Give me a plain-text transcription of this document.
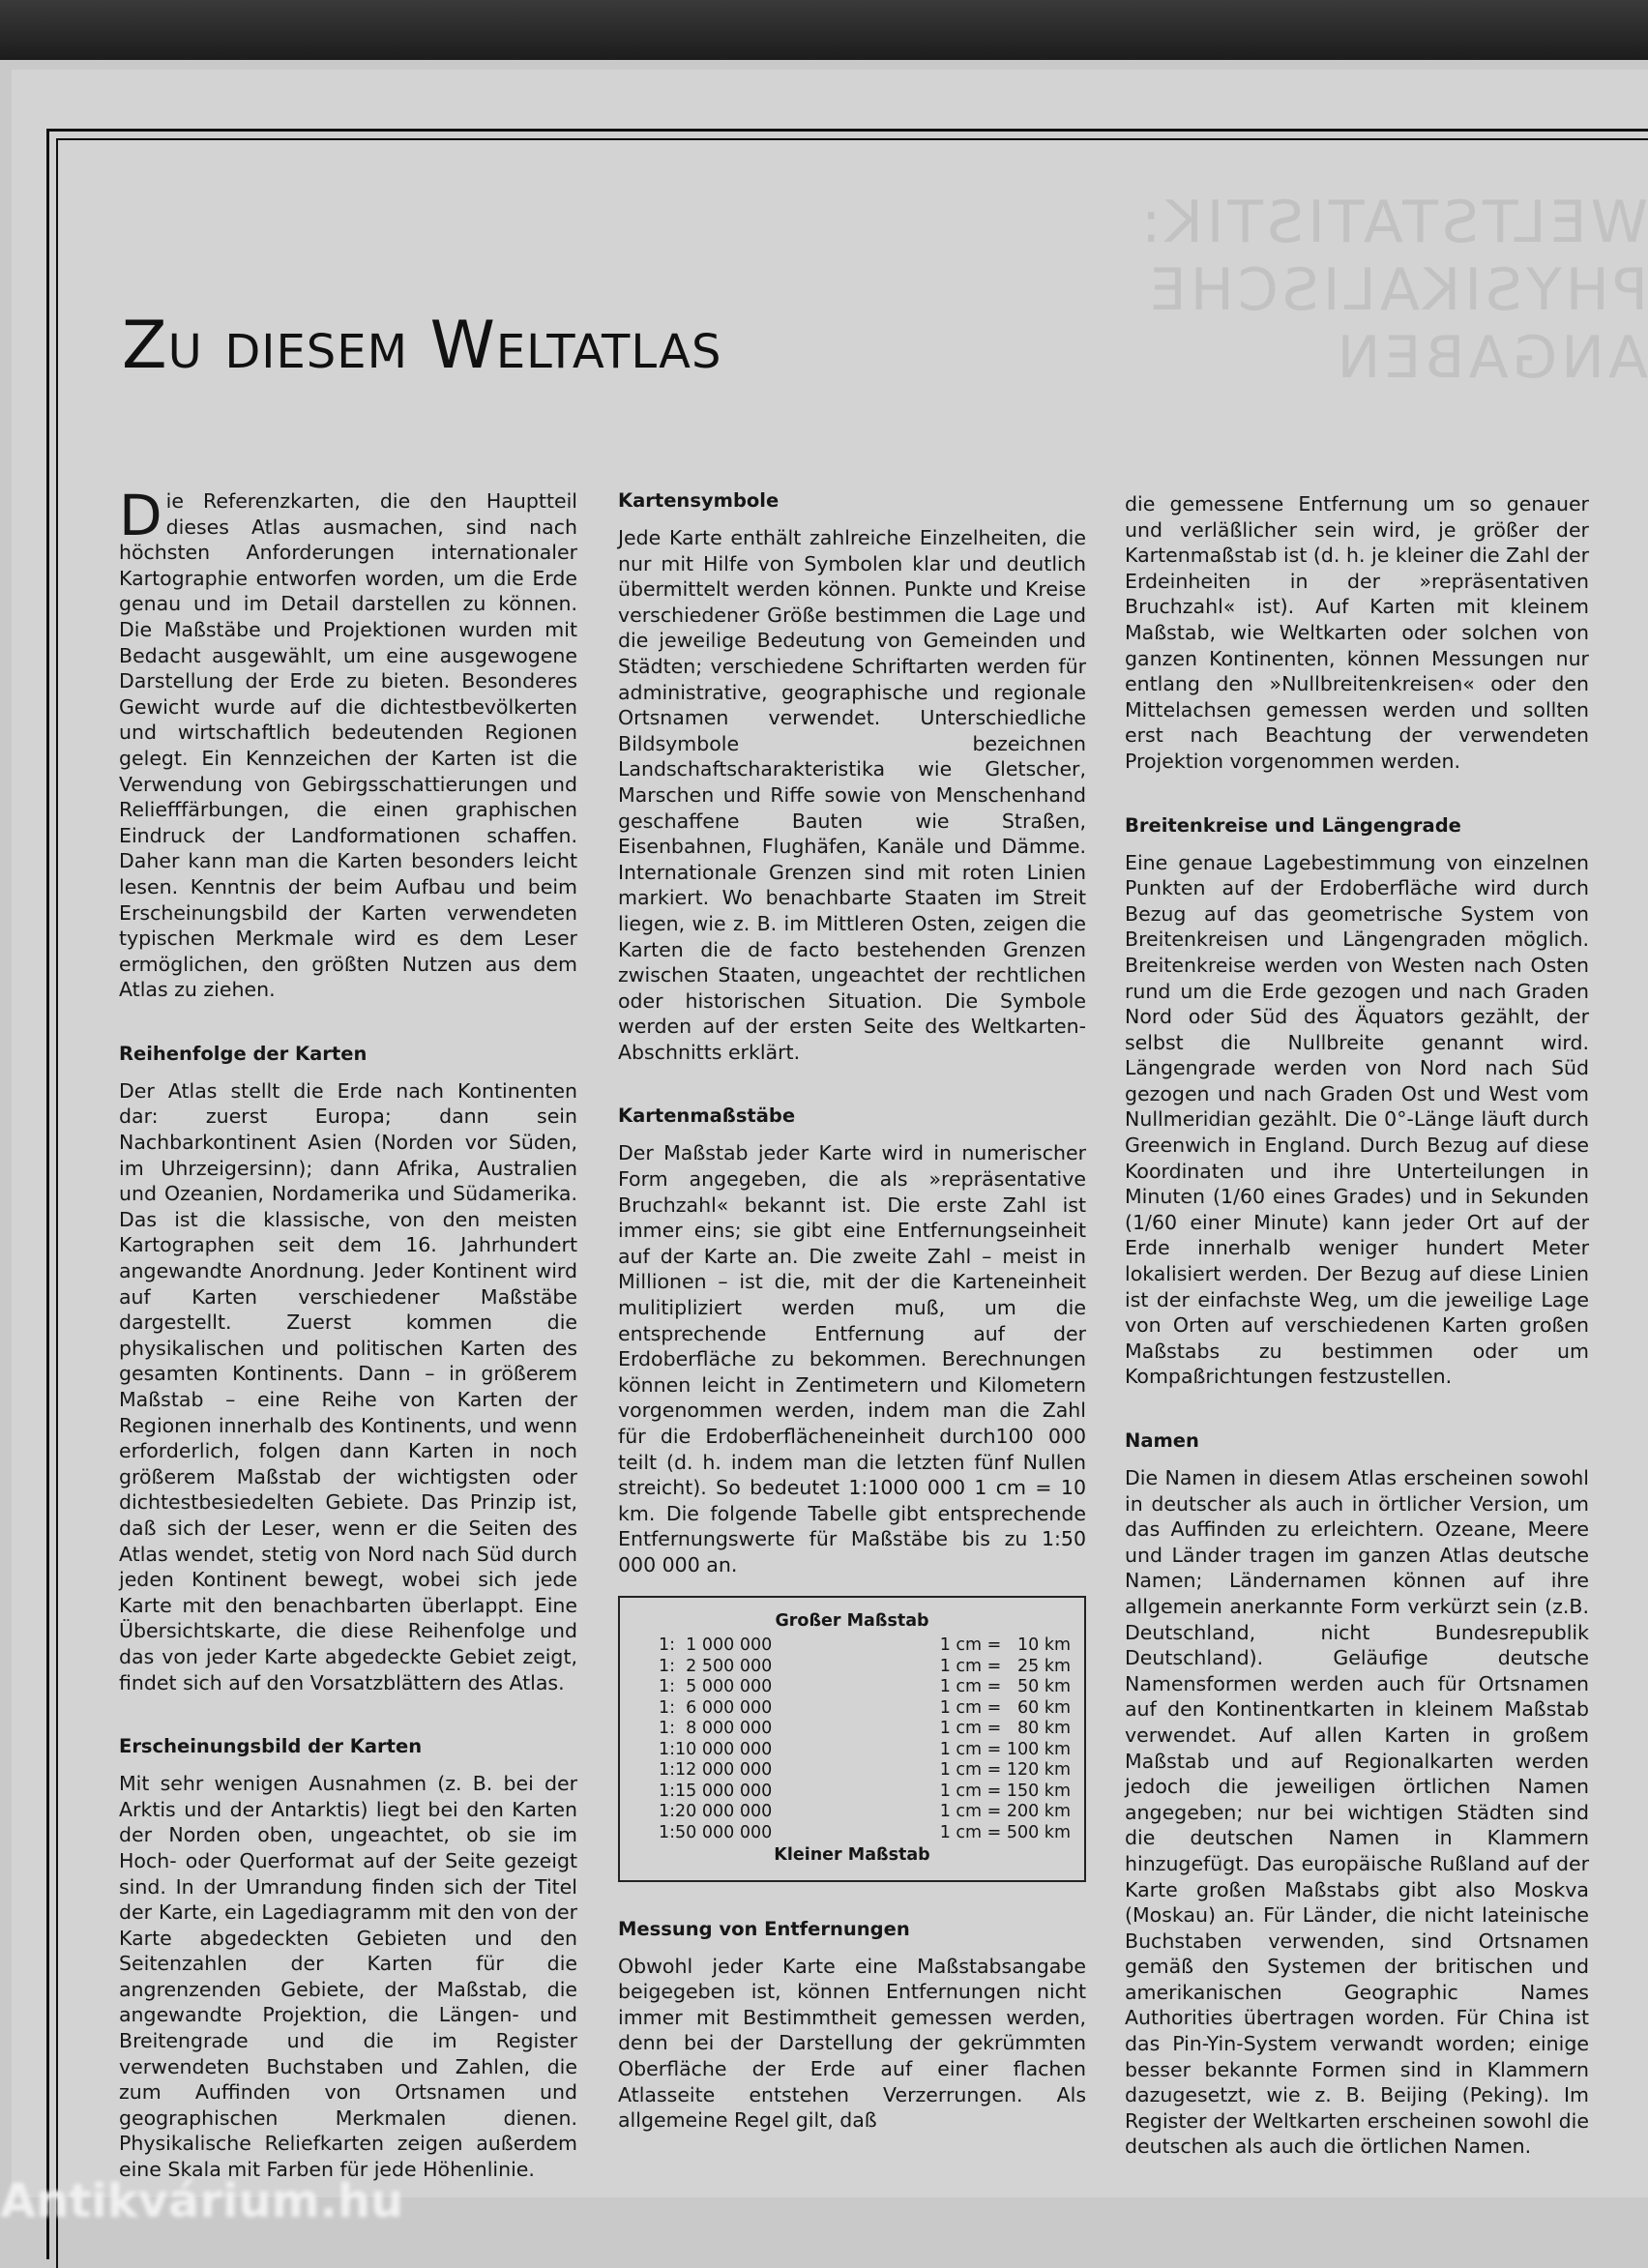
WELTSTATISTIK: PHYSIKALISCHE ANGABEN
Zu diesem Weltatlas

Die Referenzkarten, die den Hauptteil dieses Atlas ausmachen, sind nach höchsten Anforderungen internationaler Kartographie entworfen worden, um die Erde genau und im Detail darstellen zu können. Die Maßstäbe und Projektionen wurden mit Bedacht ausgewählt, um eine ausgewogene Darstellung der Erde zu bieten. Besonderes Gewicht wurde auf die dichtestbevölkerten und wirtschaftlich bedeutenden Regionen gelegt. Ein Kennzeichen der Karten ist die Verwendung von Gebirgsschattierungen und Reliefffärbungen, die einen graphischen Eindruck der Landformationen schaffen. Daher kann man die Karten besonders leicht lesen. Kenntnis der beim Aufbau und beim Erscheinungsbild der Karten verwendeten typischen Merkmale wird es dem Leser ermöglichen, den größten Nutzen aus dem Atlas zu ziehen.

Reihenfolge der Karten

Der Atlas stellt die Erde nach Kontinenten dar: zuerst Europa; dann sein Nachbarkontinent Asien (Norden vor Süden, im Uhrzeigersinn); dann Afrika, Australien und Ozeanien, Nordamerika und Südamerika. Das ist die klassische, von den meisten Kartographen seit dem 16. Jahrhundert angewandte Anordnung. Jeder Kontinent wird auf Karten verschiedener Maßstäbe dargestellt. Zuerst kommen die physikalischen und politischen Karten des gesamten Kontinents. Dann – in größerem Maßstab – eine Reihe von Karten der Regionen innerhalb des Kontinents, und wenn erforderlich, folgen dann Karten in noch größerem Maßstab der wichtigsten oder dichtestbesiedelten Gebiete. Das Prinzip ist, daß sich der Leser, wenn er die Seiten des Atlas wendet, stetig von Nord nach Süd durch jeden Kontinent bewegt, wobei sich jede Karte mit den benachbarten überlappt. Eine Übersichtskarte, die diese Reihenfolge und das von jeder Karte abgedeckte Gebiet zeigt, findet sich auf den Vorsatzblättern des Atlas.

Erscheinungsbild der Karten

Mit sehr wenigen Ausnahmen (z. B. bei der Arktis und der Antarktis) liegt bei den Karten der Norden oben, ungeachtet, ob sie im Hoch- oder Querformat auf der Seite gezeigt sind. In der Umrandung finden sich der Titel der Karte, ein Lagediagramm mit den von der Karte abgedeckten Gebieten und den Seitenzahlen der Karten für die angrenzenden Gebiete, der Maßstab, die angewandte Projektion, die Längen- und Breitengrade und die im Register verwendeten Buchstaben und Zahlen, die zum Auffinden von Ortsnamen und geographischen Merkmalen dienen. Physikalische Reliefkarten zeigen außerdem eine Skala mit Farben für jede Höhenlinie.

Kartensymbole

Jede Karte enthält zahlreiche Einzelheiten, die nur mit Hilfe von Symbolen klar und deutlich übermittelt werden können. Punkte und Kreise verschiedener Größe bestimmen die Lage und die jeweilige Bedeutung von Gemeinden und Städten; verschiedene Schriftarten werden für administrative, geographische und regionale Ortsnamen verwendet. Unterschiedliche Bildsymbole bezeichnen Landschaftscharakteristika wie Gletscher, Marschen und Riffe sowie von Menschenhand geschaffene Bauten wie Straßen, Eisenbahnen, Flughäfen, Kanäle und Dämme. Internationale Grenzen sind mit roten Linien markiert. Wo benachbarte Staaten im Streit liegen, wie z. B. im Mittleren Osten, zeigen die Karten die de facto bestehenden Grenzen zwischen Staaten, ungeachtet der rechtlichen oder historischen Situation. Die Symbole werden auf der ersten Seite des Weltkarten-Abschnitts erklärt.

Kartenmaßstäbe

Der Maßstab jeder Karte wird in numerischer Form angegeben, die als »repräsentative Bruchzahl« bekannt ist. Die erste Zahl ist immer eins; sie gibt eine Entfernungseinheit auf der Karte an. Die zweite Zahl – meist in Millionen – ist die, mit der die Karteneinheit mulitipliziert werden muß, um die entsprechende Entfernung auf der Erdoberfläche zu bekommen. Berechnungen können leicht in Zentimetern und Kilometern vorgenommen werden, indem man die Zahl für die Erdoberflächeneinheit durch100 000 teilt (d. h. indem man die letzten fünf Nullen streicht). So bedeutet 1:1000 000 1 cm = 10 km. Die folgende Tabelle gibt entsprechende Entfernungswerte für Maßstäbe bis zu 1:50 000 000 an.

Großer Maßstab	
1:  1 000 000	1 cm =   10 km
1:  2 500 000	1 cm =   25 km
1:  5 000 000	1 cm =   50 km
1:  6 000 000	1 cm =   60 km
1:  8 000 000	1 cm =   80 km
1:10 000 000	1 cm = 100 km
1:12 000 000	1 cm = 120 km
1:15 000 000	1 cm = 150 km
1:20 000 000	1 cm = 200 km
1:50 000 000	1 cm = 500 km
Kleiner Maßstab	
Messung von Entfernungen

Obwohl jeder Karte eine Maßstabsangabe beigegeben ist, können Entfernungen nicht immer mit Bestimmtheit gemessen werden, denn bei der Darstellung der gekrümmten Oberfläche der Erde auf einer flachen Atlasseite entstehen Verzerrungen. Als allgemeine Regel gilt, daß

die gemessene Entfernung um so genauer und verläßlicher sein wird, je größer der Kartenmaßstab ist (d. h. je kleiner die Zahl der Erdeinheiten in der »repräsentativen Bruchzahl« ist). Auf Karten mit kleinem Maßstab, wie Weltkarten oder solchen von ganzen Kontinenten, können Messungen nur entlang den »Nullbreitenkreisen« oder den Mittelachsen gemessen werden und sollten erst nach Beachtung der verwendeten Projektion vorgenommen werden.

Breitenkreise und Längengrade

Eine genaue Lagebestimmung von einzelnen Punkten auf der Erdoberfläche wird durch Bezug auf das geometrische System von Breitenkreisen und Längengraden möglich. Breitenkreise werden von Westen nach Osten rund um die Erde gezogen und nach Graden Nord oder Süd des Äquators gezählt, der selbst die Nullbreite genannt wird. Längengrade werden von Nord nach Süd gezogen und nach Graden Ost und West vom Nullmeridian gezählt. Die 0°-Länge läuft durch Greenwich in England. Durch Bezug auf diese Koordinaten und ihre Unterteilungen in Minuten (1/60 eines Grades) und in Sekunden (1/60 einer Minute) kann jeder Ort auf der Erde innerhalb weniger hundert Meter lokalisiert werden. Der Bezug auf diese Linien ist der einfachste Weg, um die jeweilige Lage von Orten auf verschiedenen Karten großen Maßstabs zu bestimmen oder um Kompaßrichtungen festzustellen.

Namen

Die Namen in diesem Atlas erscheinen sowohl in deutscher als auch in örtlicher Version, um das Auffinden zu erleichtern. Ozeane, Meere und Länder tragen im ganzen Atlas deutsche Namen; Ländernamen können auf ihre allgemein anerkannte Form verkürzt sein (z.B. Deutschland, nicht Bundesrepublik Deutschland). Geläufige deutsche Namensformen werden auch für Ortsnamen auf den Kontinentkarten in kleinem Maßstab verwendet. Auf allen Karten in großem Maßstab und auf Regionalkarten werden jedoch die jeweiligen örtlichen Namen angegeben; nur bei wichtigen Städten sind die deutschen Namen in Klammern hinzugefügt. Das europäische Rußland auf der Karte großen Maßstabs gibt also Moskva (Moskau) an. Für Länder, die nicht lateinische Buchstaben verwenden, sind Ortsnamen gemäß den Systemen der britischen und amerikanischen Geographic Names Authorities übertragen worden. Für China ist das Pin-Yin-System verwandt worden; einige besser bekannte Formen sind in Klammern dazugesetzt, wie z. B. Beijing (Peking). Im Register der Weltkarten erscheinen sowohl die deutschen als auch die örtlichen Namen.

Antikvárium.hu
